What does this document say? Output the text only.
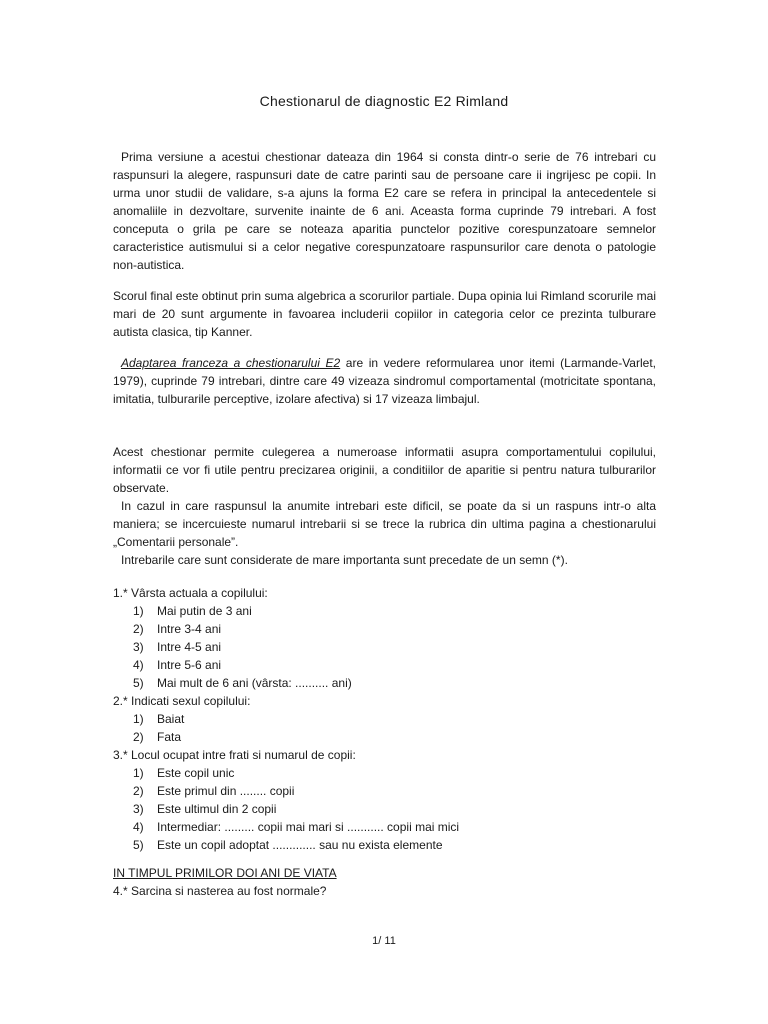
Chestionarul de diagnostic E2 Rimland

Prima versiune a acestui chestionar dateaza din 1964 si consta dintr-o serie de 76 intrebari cu raspunsuri la alegere, raspunsuri date de catre parinti sau de persoane care ii ingrijesc pe copii. In urma unor studii de validare, s-a ajuns la forma E2 care se refera in principal la antecedentele si anomaliile in dezvoltare, survenite inainte de 6 ani. Aceasta forma cuprinde 79 intrebari. A fost conceputa o grila pe care se noteaza aparitia punctelor pozitive corespunzatoare semnelor caracteristice autismului si a celor negative corespunzatoare raspunsurilor care denota o patologie non-autistica.

Scorul final este obtinut prin suma algebrica a scorurilor partiale. Dupa opinia lui Rimland scorurile mai mari de 20 sunt argumente in favoarea includerii copiilor in categoria celor ce prezinta tulburare autista clasica, tip Kanner.

Adaptarea franceza a chestionarului E2 are in vedere reformularea unor itemi (Larmande-Varlet, 1979), cuprinde 79 intrebari, dintre care 49 vizeaza sindromul comportamental (motricitate spontana, imitatia, tulburarile perceptive, izolare afectiva) si 17 vizeaza limbajul.

Acest chestionar permite culegerea a numeroase informatii asupra comportamentului copilului, informatii ce vor fi utile pentru precizarea originii, a conditiilor de aparitie si pentru natura tulburarilor observate.

In cazul in care raspunsul la anumite intrebari este dificil, se poate da si un raspuns intr-o alta maniera; se incercuieste numarul intrebarii si se trece la rubrica din ultima pagina a chestionarului „Comentarii personale”.

Intrebarile care sunt considerate de mare importanta sunt precedate de un semn (*).

1.* Vârsta actuala a copilului:

1) Mai putin de 3 ani
2) Intre 3-4 ani
3) Intre 4-5 ani
4) Intre 5-6 ani
5) Mai mult de 6 ani (vârsta: .......... ani)

2.* Indicati sexul copilului:

1) Baiat
2) Fata

3.* Locul ocupat intre frati si numarul de copii:

1) Este copil unic
2) Este primul din ........ copii
3) Este ultimul din 2 copii
4) Intermediar: ......... copii mai mari si ........... copii mai mici
5) Este un copil adoptat ............. sau nu exista elemente

IN TIMPUL PRIMILOR DOI ANI DE VIATA

4.* Sarcina si nasterea au fost normale?

1/ 11
